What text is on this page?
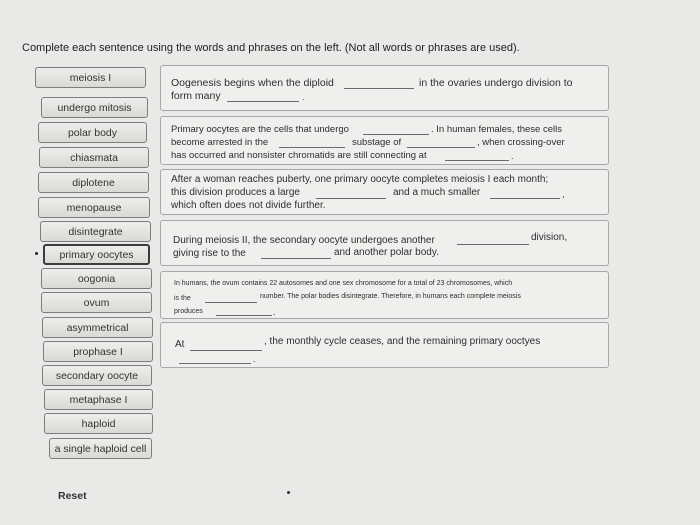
Complete each sentence using the words and phrases on the left. (Not all words or phrases are used).
meiosis I
undergo mitosis
polar body
chiasmata
diplotene
menopause
disintegrate
primary oocytes
oogonia
ovum
asymmetrical
prophase I
secondary oocyte
metaphase I
haploid
a single haploid cell
Oogenesis begins when the diploid	in the ovaries undergo division to
form many	.
Primary oocytes are the cells that undergo	. In human females, these cells
become arrested in the	substage of	, when crossing-over
has occurred and nonsister chromatids are still connecting at	.
After a woman reaches puberty, one primary oocyte completes meiosis I each month;
this division produces a large	and a much smaller	,
which often does not divide further.
During meiosis II, the secondary oocyte undergoes another	division,
giving rise to the	and another polar body.
In humans, the ovum contains 22 autosomes and one sex chromosome for a total of 23 chromosomes, which
is the	number. The polar bodies disintegrate. Therefore, in humans each complete meiosis
produces	.
At	, the monthly cycle ceases, and the remaining primary ooctyes
.
Reset
